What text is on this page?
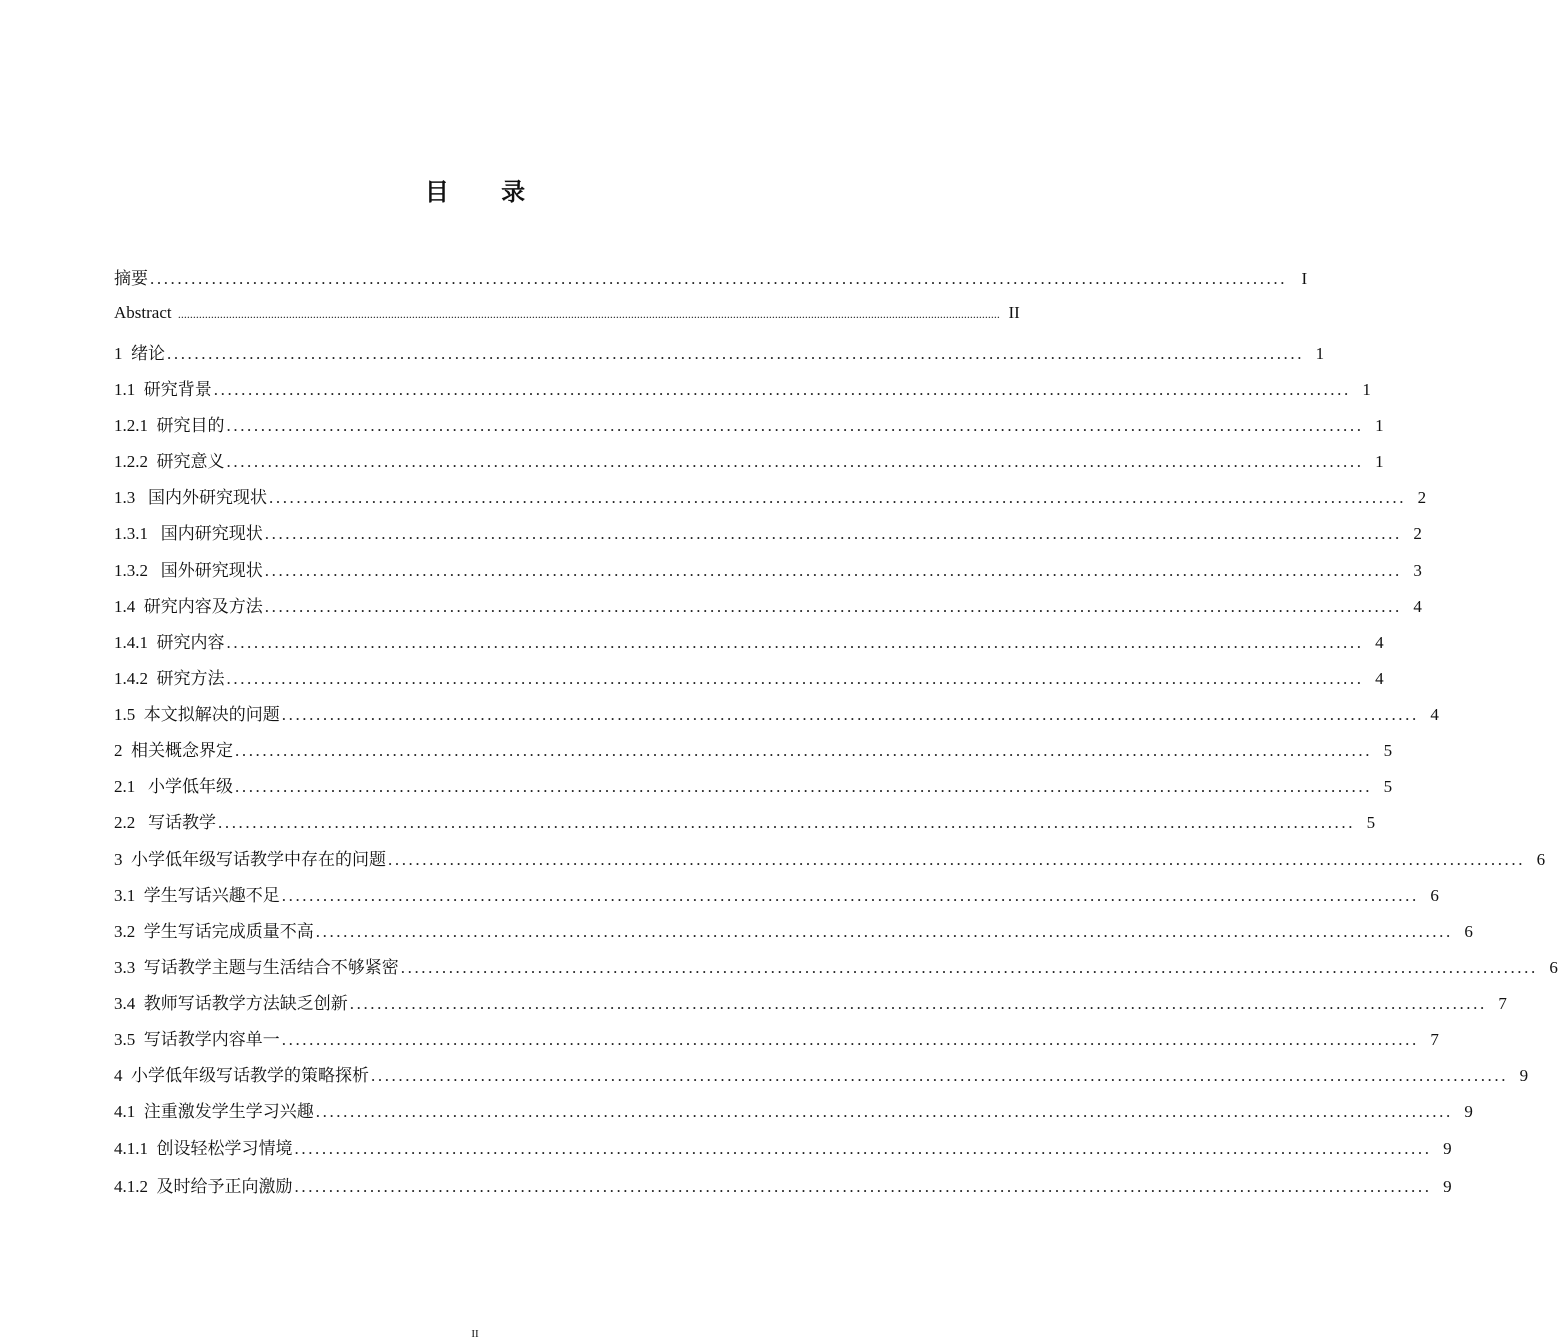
目 录
摘要 ...................................................................................................................................................................... I
Abstract .................................................................................................................................................................................................................................................................................. II
1  绪论 ...................................................................................................................................................................... 1
1.1  研究背景 ...................................................................................................................................................................... 1
1.2.1  研究目的 ...................................................................................................................................................................... 1
1.2.2  研究意义 ...................................................................................................................................................................... 1
1.3   国内外研究现状 ...................................................................................................................................................................... 2
1.3.1   国内研究现状 ...................................................................................................................................................................... 2
1.3.2   国外研究现状 ...................................................................................................................................................................... 3
1.4  研究内容及方法 ...................................................................................................................................................................... 4
1.4.1  研究内容 ...................................................................................................................................................................... 4
1.4.2  研究方法 ...................................................................................................................................................................... 4
1.5  本文拟解决的问题 ...................................................................................................................................................................... 4
2  相关概念界定 ...................................................................................................................................................................... 5
2.1   小学低年级 ...................................................................................................................................................................... 5
2.2   写话教学 ...................................................................................................................................................................... 5
3  小学低年级写话教学中存在的问题 ...................................................................................................................................................................... 6
3.1  学生写话兴趣不足 ...................................................................................................................................................................... 6
3.2  学生写话完成质量不高 ...................................................................................................................................................................... 6
3.3  写话教学主题与生活结合不够紧密 ...................................................................................................................................................................... 6
3.4  教师写话教学方法缺乏创新 ...................................................................................................................................................................... 7
3.5  写话教学内容单一 ...................................................................................................................................................................... 7
4  小学低年级写话教学的策略探析 ...................................................................................................................................................................... 9
4.1  注重激发学生学习兴趣 ...................................................................................................................................................................... 9
4.1.1  创设轻松学习情境 ...................................................................................................................................................................... 9
4.1.2  及时给予正向激励 ...................................................................................................................................................................... 9
II
